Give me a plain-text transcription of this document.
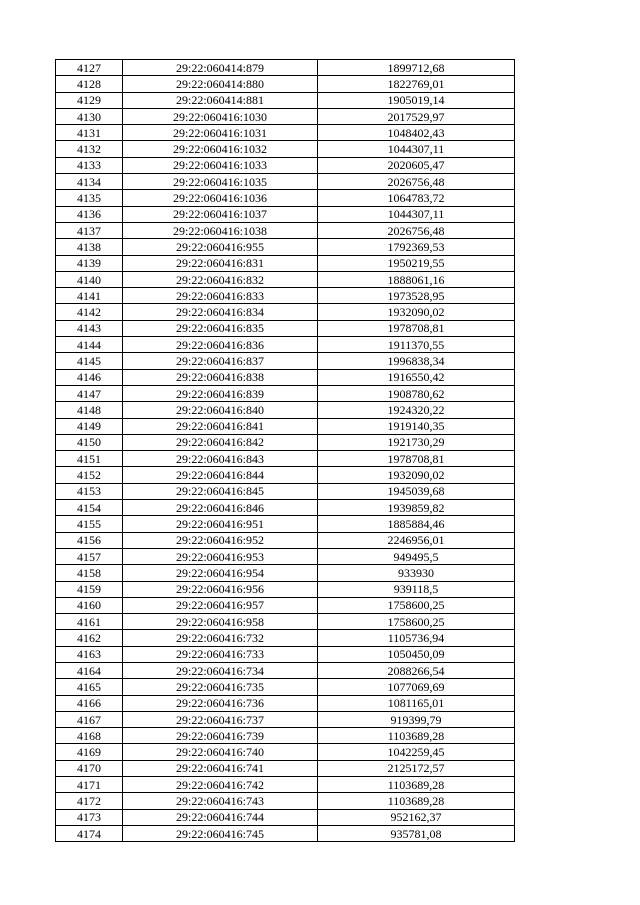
4127	29:22:060414:879	1899712,68
4128	29:22:060414:880	1822769,01
4129	29:22:060414:881	1905019,14
4130	29:22:060416:1030	2017529,97
4131	29:22:060416:1031	1048402,43
4132	29:22:060416:1032	1044307,11
4133	29:22:060416:1033	2020605,47
4134	29:22:060416:1035	2026756,48
4135	29:22:060416:1036	1064783,72
4136	29:22:060416:1037	1044307,11
4137	29:22:060416:1038	2026756,48
4138	29:22:060416:955	1792369,53
4139	29:22:060416:831	1950219,55
4140	29:22:060416:832	1888061,16
4141	29:22:060416:833	1973528,95
4142	29:22:060416:834	1932090,02
4143	29:22:060416:835	1978708,81
4144	29:22:060416:836	1911370,55
4145	29:22:060416:837	1996838,34
4146	29:22:060416:838	1916550,42
4147	29:22:060416:839	1908780,62
4148	29:22:060416:840	1924320,22
4149	29:22:060416:841	1919140,35
4150	29:22:060416:842	1921730,29
4151	29:22:060416:843	1978708,81
4152	29:22:060416:844	1932090,02
4153	29:22:060416:845	1945039,68
4154	29:22:060416:846	1939859,82
4155	29:22:060416:951	1885884,46
4156	29:22:060416:952	2246956,01
4157	29:22:060416:953	949495,5
4158	29:22:060416:954	933930
4159	29:22:060416:956	939118,5
4160	29:22:060416:957	1758600,25
4161	29:22:060416:958	1758600,25
4162	29:22:060416:732	1105736,94
4163	29:22:060416:733	1050450,09
4164	29:22:060416:734	2088266,54
4165	29:22:060416:735	1077069,69
4166	29:22:060416:736	1081165,01
4167	29:22:060416:737	919399,79
4168	29:22:060416:739	1103689,28
4169	29:22:060416:740	1042259,45
4170	29:22:060416:741	2125172,57
4171	29:22:060416:742	1103689,28
4172	29:22:060416:743	1103689,28
4173	29:22:060416:744	952162,37
4174	29:22:060416:745	935781,08
